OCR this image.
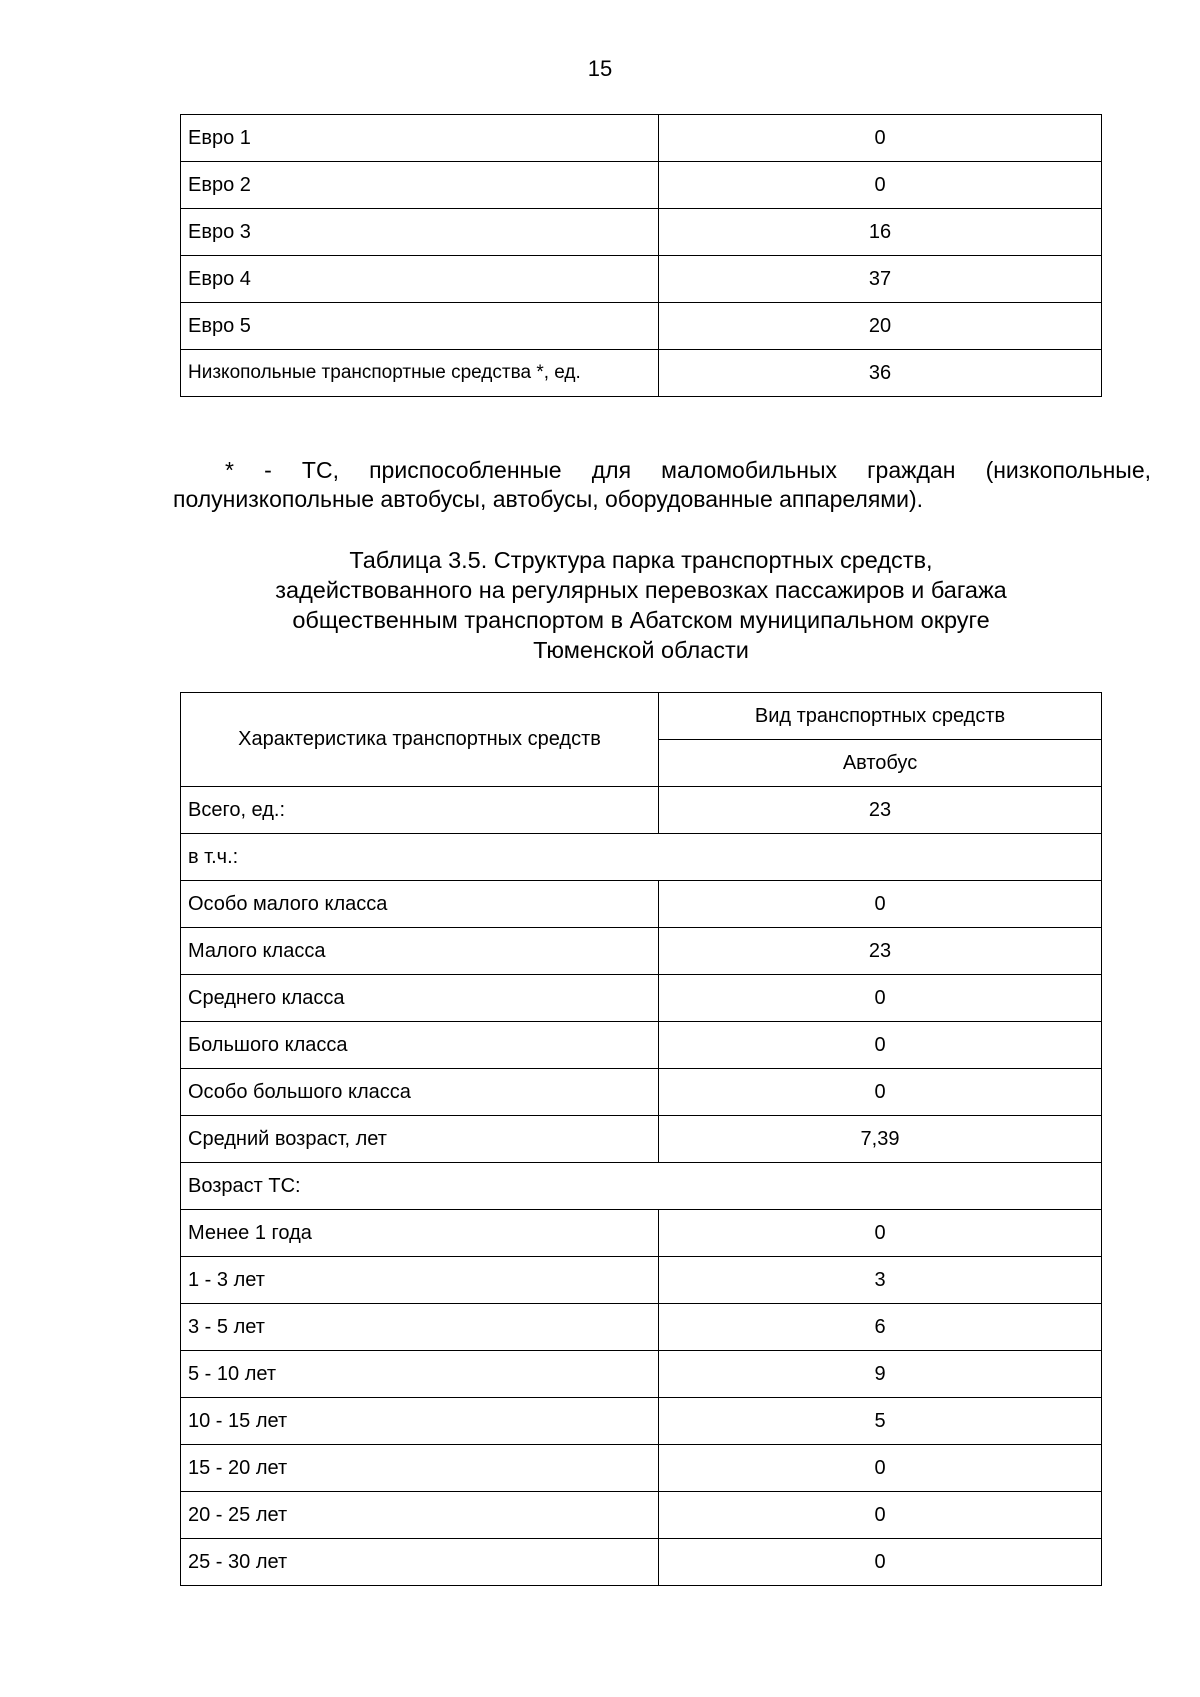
15
Евро 1	0
Евро 2	0
Евро 3	16
Евро 4	37
Евро 5	20
Низкопольные транспортные средства *, ед.	36
* - ТС, приспособленные для маломобильных граждан (низкопольные,
полунизкопольные автобусы, автобусы, оборудованные аппарелями).
Таблица 3.5. Структура парка транспортных средств,
задействованного на регулярных перевозках пассажиров и багажа
общественным транспортом в Абатском муниципальном округе
Тюменской области
Характеристика транспортных средств	Вид транспортных средств
	Автобус
Всего, ед.:	23
в т.ч.:	
Особо малого класса	0
Малого класса	23
Среднего класса	0
Большого класса	0
Особо большого класса	0
Средний возраст, лет	7,39
Возраст ТС:	
Менее 1 года	0
1 - 3 лет	3
3 - 5 лет	6
5 - 10 лет	9
10 - 15 лет	5
15 - 20 лет	0
20 - 25 лет	0
25 - 30 лет	0
